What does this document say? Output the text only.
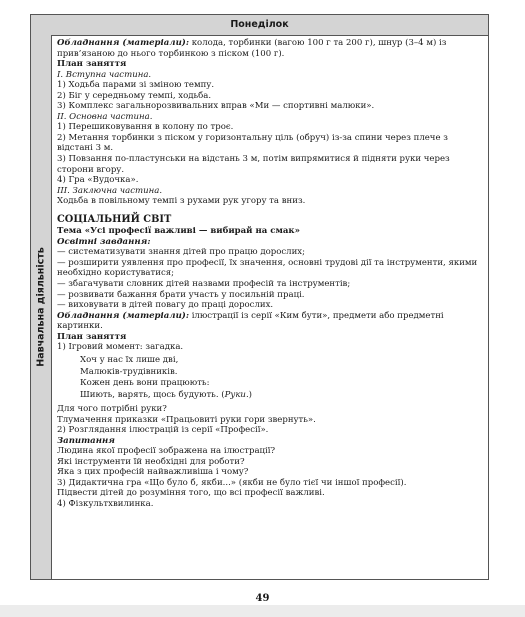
Понеділок
Навчальна діяльність

Обладнання (матеріали): колода, торбинки (вагою 100 г та 200 г), шнур (3–4 м) із прив’язаною до нього торбинкою з піском (100 г).

План заняття

І. Вступна частина.

1) Ходьба парами зі зміною темпу.

2) Біг у середньому темпі, ходьба.

3) Комплекс загальнорозвивальних вправ «Ми — спортивні малюки».

ІІ. Основна частина.

1) Перешиковування в колону по троє.

2) Метання торбинки з піском у горизонтальну ціль (обруч) із-за спини через плече з відстані 3 м.

3) Повзання по-пластунськи на відстань 3 м, потім випрямитися й підняти руки через сторони вгору.

4) Гра «Вудочка».

ІІІ. Заключна частина.

Ходьба в повільному темпі з рухами рук угору та вниз.

СОЦІАЛЬНИЙ СВІТ

Тема «Усі професії важливі — вибирай на смак»

Освітні завдання:

— систематизувати знання дітей про працю дорослих;

— розширити уявлення про професії, їх значення, основні трудові дії та інструменти, якими необхідно користуватися;

— збагачувати словник дітей назвами професій та інструментів;

— розвивати бажання брати участь у посильній праці.

— виховувати в дітей повагу до праці дорослих.

Обладнання (матеріали): ілюстрації із серії «Ким бути», предмети або предметні картинки.

План заняття

1) Ігровий момент: загадка.

Хоч у нас їх лише дві,

Малюків-трудівників.

Кожен день вони працюють:

Шиють, варять, щось будують. (Руки.)

Для чого потрібні руки?

Тлумачення приказки «Працьовиті руки гори звернуть».

2) Розглядання ілюстрацій із серії «Професії».

Запитання

Людина якої професії зображена на ілюстрації?

Які інструменти їй необхідні для роботи?

Яка з цих професій найважливіша і чому?

3) Дидактична гра «Що було б, якби...» (якби не було тієї чи іншої професії).

Підвести дітей до розуміння того, що всі професії важливі.

4) Фізкультхвилинка.

49
